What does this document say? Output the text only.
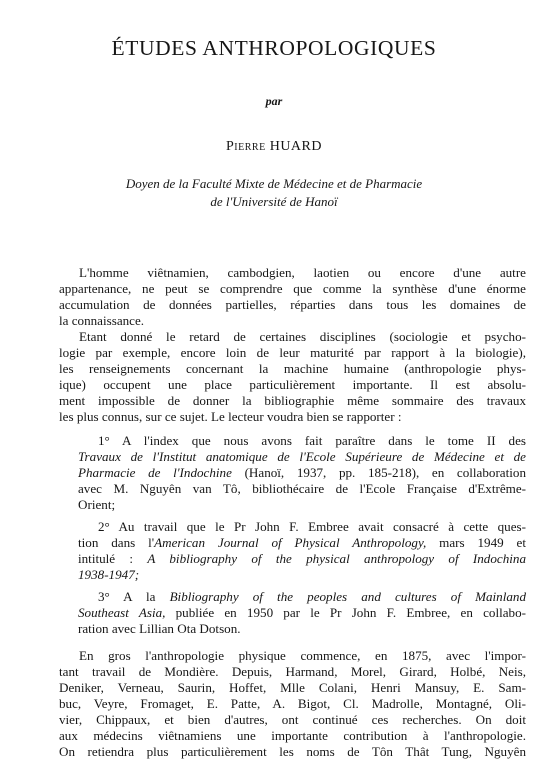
ÉTUDES ANTHROPOLOGIQUES
par
Pierre HUARD
Doyen de la Faculté Mixte de Médecine et de Pharmacie
de l'Université de Hanoï
L'homme viêtnamien, cambodgien, laotien ou encore d'une autre
appartenance, ne peut se comprendre que comme la synthèse d'une énorme
accumulation de données partielles, réparties dans tous les domaines de
la connaissance.
Etant donné le retard de certaines disciplines (sociologie et psycho-
logie par exemple, encore loin de leur maturité par rapport à la biologie),
les renseignements concernant la machine humaine (anthropologie phys-
ique) occupent une place particulièrement importante. Il est absolu-
ment impossible de donner la bibliographie même sommaire des travaux
les plus connus, sur ce sujet. Le lecteur voudra bien se rapporter :
1° A l'index que nous avons fait paraître dans le tome II des
Travaux de l'Institut anatomique de l'Ecole Supérieure de Médecine et de
Pharmacie de l'Indochine (Hanoï, 1937, pp. 185-218), en collaboration
avec M. Nguyên van Tô, bibliothécaire de l'Ecole Française d'Extrême-
Orient;
2° Au travail que le Pr John F. Embree avait consacré à cette ques-
tion dans l'American Journal of Physical Anthropology, mars 1949 et
intitulé : A bibliography of the physical anthropology of Indochina
1938-1947;
3° A la Bibliography of the peoples and cultures of Mainland
Southeast Asia, publiée en 1950 par le Pr John F. Embree, en collabo-
ration avec Lillian Ota Dotson.
En gros l'anthropologie physique commence, en 1875, avec l'impor-
tant travail de Mondière. Depuis, Harmand, Morel, Girard, Holbé, Neis,
Deniker, Verneau, Saurin, Hoffet, Mlle Colani, Henri Mansuy, E. Sam-
buc, Veyre, Fromaget, E. Patte, A. Bigot, Cl. Madrolle, Montagné, Oli-
vier, Chippaux, et bien d'autres, ont continué ces recherches. On doit
aux médecins viêtnamiens une importante contribution à l'anthropologie.
On retiendra plus particulièrement les noms de Tôn Thât Tung, Nguyên
